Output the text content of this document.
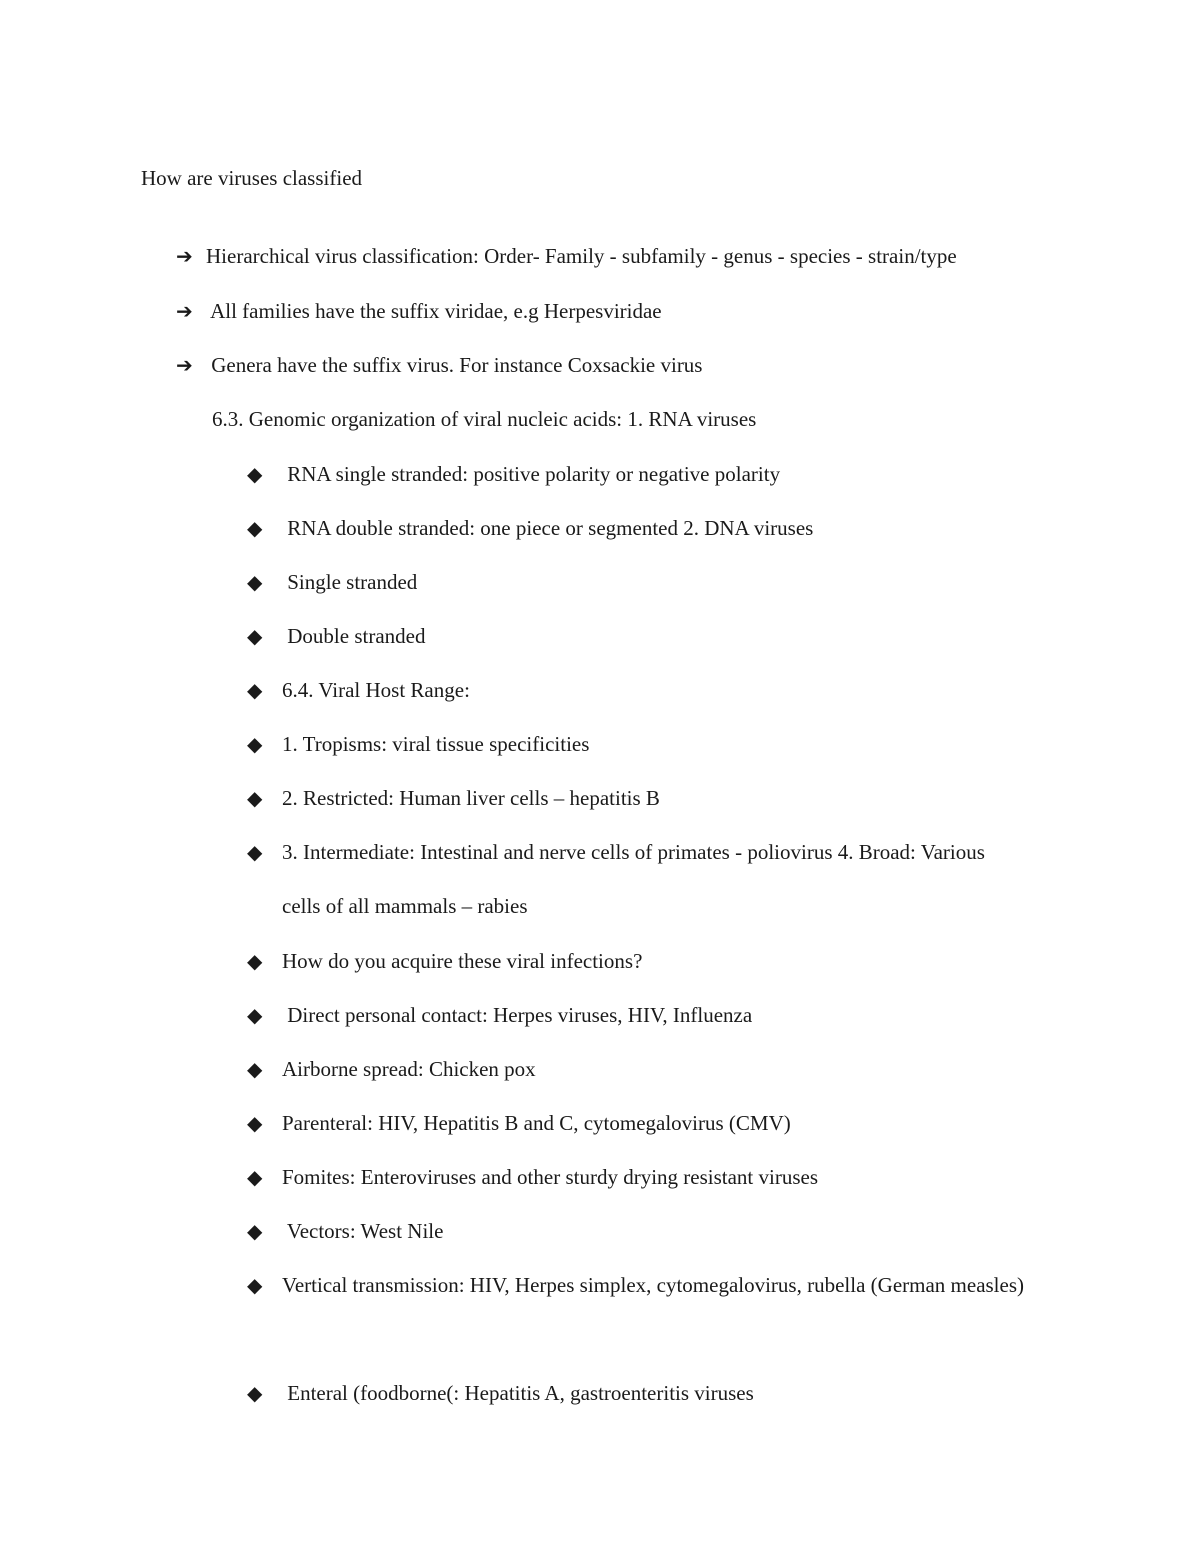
How are viruses classified
➔ Hierarchical virus classification: Order- Family - subfamily - genus - species - strain/type
➔ All families have the suffix viridae, e.g Herpesviridae
➔ Genera have the suffix virus. For instance Coxsackie virus
6.3. Genomic organization of viral nucleic acids: 1. RNA viruses
◆ RNA single stranded: positive polarity or negative polarity
◆ RNA double stranded: one piece or segmented 2. DNA viruses
◆ Single stranded
◆ Double stranded
◆ 6.4. Viral Host Range:
◆ 1. Tropisms: viral tissue specificities
◆ 2. Restricted: Human liver cells – hepatitis B
◆ 3. Intermediate: Intestinal and nerve cells of primates - poliovirus 4. Broad: Various cells of all mammals – rabies
◆ How do you acquire these viral infections?
◆ Direct personal contact: Herpes viruses, HIV, Influenza
◆ Airborne spread: Chicken pox
◆ Parenteral: HIV, Hepatitis B and C, cytomegalovirus (CMV)
◆ Fomites: Enteroviruses and other sturdy drying resistant viruses
◆ Vectors: West Nile
◆ Vertical transmission: HIV, Herpes simplex, cytomegalovirus, rubella (German measles)
◆ Enteral (foodborne(: Hepatitis A, gastroenteritis viruses
